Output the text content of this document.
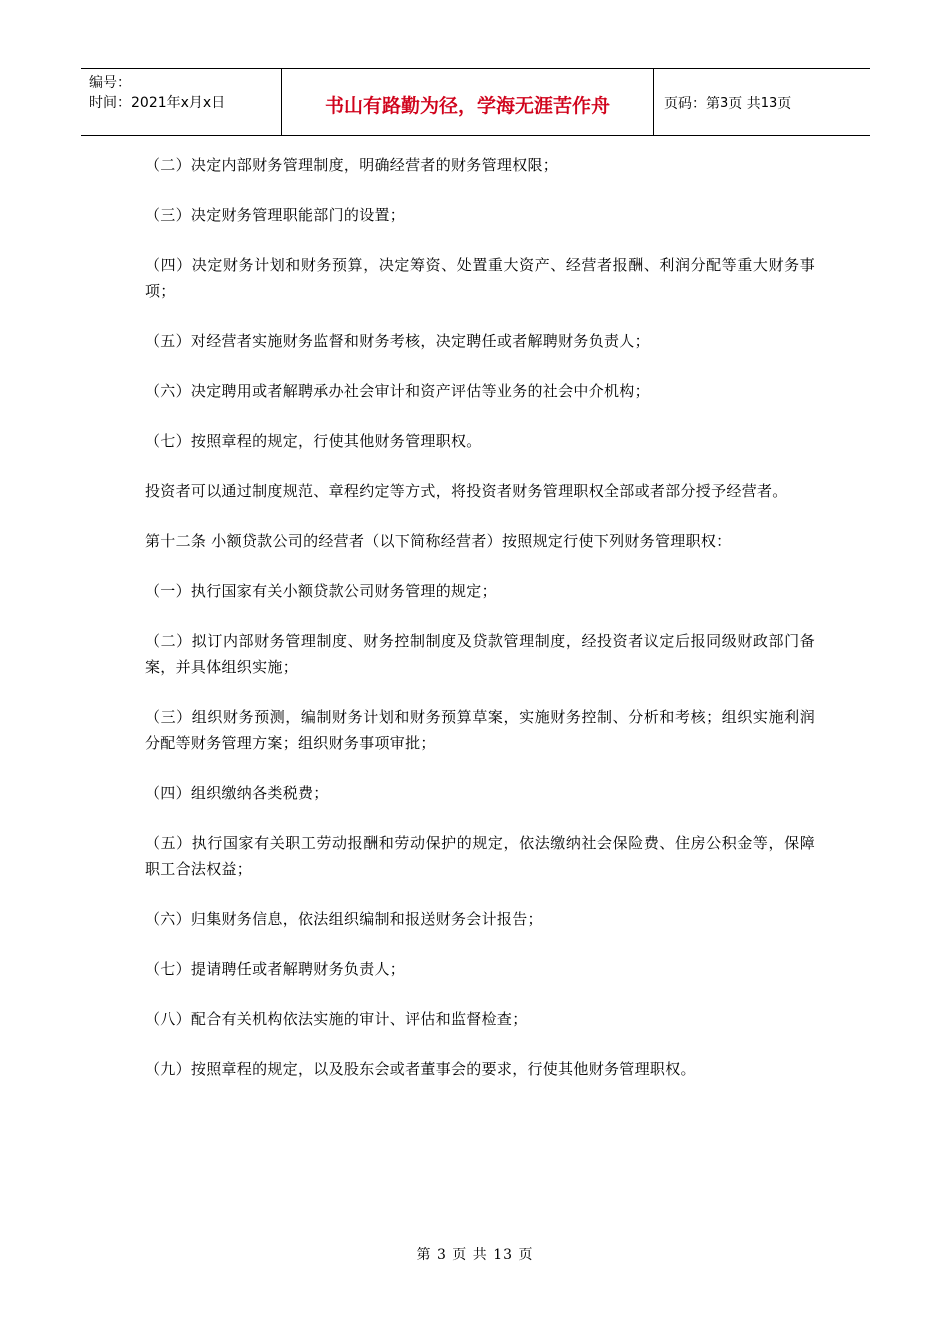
编号：
时间：2021年x月x日	书山有路勤为径，学海无涯苦作舟	页码：第 3 页 共 13 页

（二）决定内部财务管理制度，明确经营者的财务管理权限；

（三）决定财务管理职能部门的设置；

（四）决定财务计划和财务预算，决定筹资、处置重大资产、经营者报酬、利润分配等重大财务事项；

（五）对经营者实施财务监督和财务考核，决定聘任或者解聘财务负责人；

（六）决定聘用或者解聘承办社会审计和资产评估等业务的社会中介机构；

（七）按照章程的规定，行使其他财务管理职权。

投资者可以通过制度规范、章程约定等方式，将投资者财务管理职权全部或者部分授予经营者。

第十二条 小额贷款公司的经营者（以下简称经营者）按照规定行使下列财务管理职权：

（一）执行国家有关小额贷款公司财务管理的规定；

（二）拟订内部财务管理制度、财务控制制度及贷款管理制度，经投资者议定后报同级财政部门备案，并具体组织实施；

（三）组织财务预测，编制财务计划和财务预算草案，实施财务控制、分析和考核；组织实施利润分配等财务管理方案；组织财务事项审批；

（四）组织缴纳各类税费；

（五）执行国家有关职工劳动报酬和劳动保护的规定，依法缴纳社会保险费、住房公积金等，保障职工合法权益；

（六）归集财务信息，依法组织编制和报送财务会计报告；

（七）提请聘任或者解聘财务负责人；

（八）配合有关机构依法实施的审计、评估和监督检查；

（九）按照章程的规定，以及股东会或者董事会的要求，行使其他财务管理职权。

第 3 页 共 13 页
